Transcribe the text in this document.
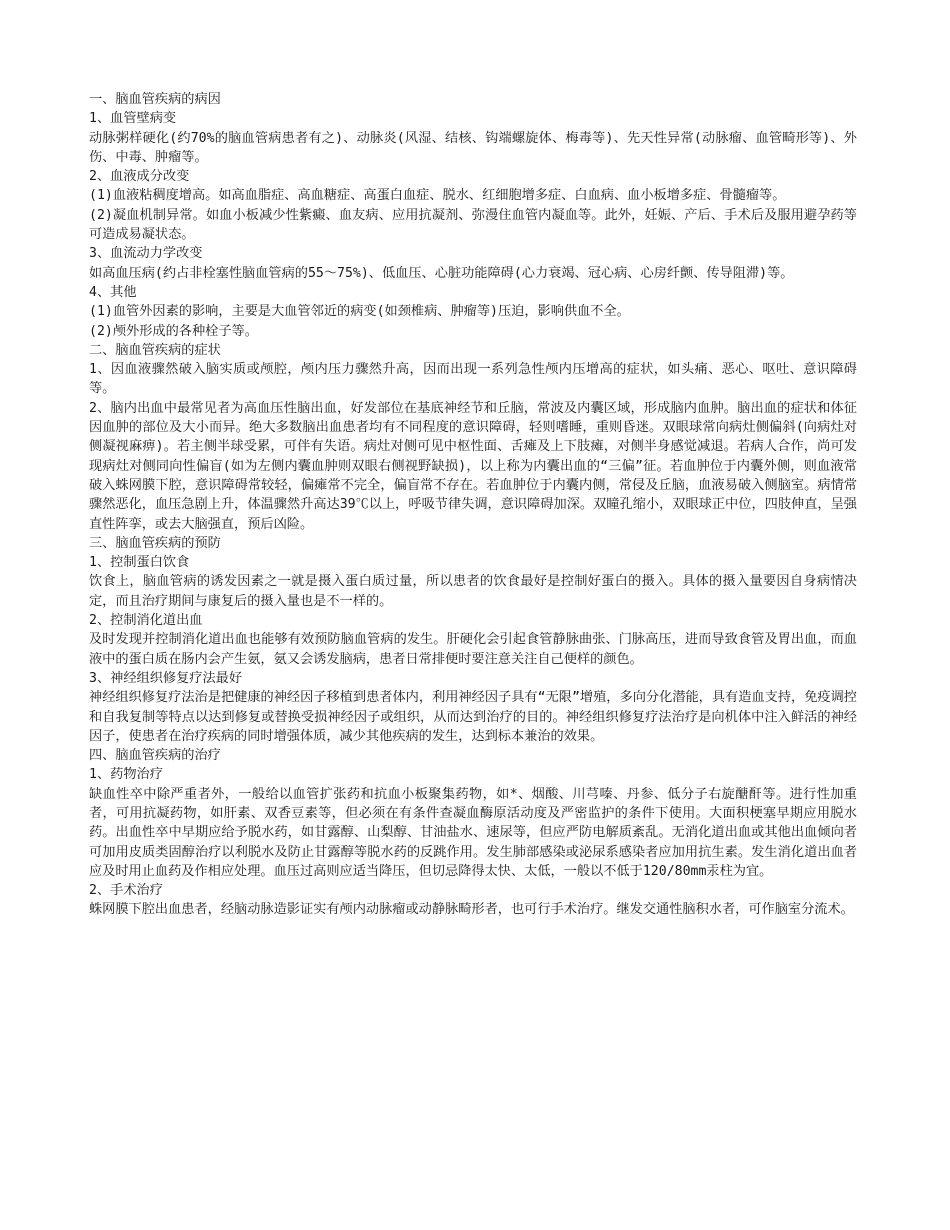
一、脑血管疾病的病因

1、血管壁病变

动脉粥样硬化(约70%的脑血管病患者有之)、动脉炎(风湿、结核、钩端螺旋体、梅毒等)、先天性异常(动脉瘤、血管畸形等)、外伤、中毒、肿瘤等。

2、血液成分改变

(1)血液粘稠度增高。如高血脂症、高血糖症、高蛋白血症、脱水、红细胞增多症、白血病、血小板增多症、骨髓瘤等。

(2)凝血机制异常。如血小板减少性紫癜、血友病、应用抗凝剂、弥漫住血管内凝血等。此外，妊娠、产后、手术后及服用避孕药等可造成易凝状态。

3、血流动力学改变

如高血压病(约占非栓塞性脑血管病的55～75%)、低血压、心脏功能障碍(心力衰竭、冠心病、心房纤颤、传导阻滞)等。

4、其他

(1)血管外因素的影响，主要是大血管邻近的病变(如颈椎病、肿瘤等)压迫，影响供血不全。

(2)颅外形成的各种栓子等。

二、脑血管疾病的症状

1、因血液骤然破入脑实质或颅腔，颅内压力骤然升高，因而出现一系列急性颅内压增高的症状，如头痛、恶心、呕吐、意识障碍等。

2、脑内出血中最常见者为高血压性脑出血，好发部位在基底神经节和丘脑，常波及内囊区域，形成脑内血肿。脑出血的症状和体征因血肿的部位及大小而异。绝大多数脑出血患者均有不同程度的意识障碍，轻则嗜睡，重则昏迷。双眼球常向病灶侧偏斜(向病灶对侧凝视麻痹)。若主侧半球受累，可伴有失语。病灶对侧可见中枢性面、舌瘫及上下肢瘫，对侧半身感觉减退。若病人合作，尚可发现病灶对侧同向性偏盲(如为左侧内囊血肿则双眼右侧视野缺损)，以上称为内囊出血的“三偏”征。若血肿位于内囊外侧，则血液常破入蛛网膜下腔，意识障碍常较轻，偏瘫常不完全，偏盲常不存在。若血肿位于内囊内侧，常侵及丘脑，血液易破入侧脑室。病情常骤然恶化，血压急剧上升，体温骤然升高达39℃以上，呼吸节律失调，意识障碍加深。双瞳孔缩小，双眼球正中位，四肢伸直，呈强直性阵挛，或去大脑强直，预后凶险。

三、脑血管疾病的预防

1、控制蛋白饮食

饮食上，脑血管病的诱发因素之一就是摄入蛋白质过量，所以患者的饮食最好是控制好蛋白的摄入。具体的摄入量要因自身病情决定，而且治疗期间与康复后的摄入量也是不一样的。

2、控制消化道出血

及时发现并控制消化道出血也能够有效预防脑血管病的发生。肝硬化会引起食管静脉曲张、门脉高压，进而导致食管及胃出血，而血液中的蛋白质在肠内会产生氨，氨又会诱发脑病，患者日常排便时要注意关注自己便样的颜色。

3、神经组织修复疗法最好

神经组织修复疗法治是把健康的神经因子移植到患者体内，利用神经因子具有“无限”增殖，多向分化潜能，具有造血支持，免疫调控和自我复制等特点以达到修复或替换受损神经因子或组织，从而达到治疗的目的。神经组织修复疗法治疗是向机体中注入鲜活的神经因子，使患者在治疗疾病的同时增强体质，减少其他疾病的发生，达到标本兼治的效果。

四、脑血管疾病的治疗

1、药物治疗

缺血性卒中除严重者外，一般给以血管扩张药和抗血小板聚集药物，如*、烟酸、川芎嗪、丹参、低分子右旋醣酐等。进行性加重者，可用抗凝药物，如肝素、双香豆素等，但必须在有条件查凝血酶原活动度及严密监护的条件下使用。大面积梗塞早期应用脱水药。出血性卒中早期应给予脱水药，如甘露醇、山梨醇、甘油盐水、速尿等，但应严防电解质紊乱。无消化道出血或其他出血倾向者可加用皮质类固醇治疗以利脱水及防止甘露醇等脱水药的反跳作用。发生肺部感染或泌尿系感染者应加用抗生素。发生消化道出血者应及时用止血药及作相应处理。血压过高则应适当降压，但切忌降得太快、太低，一般以不低于120/80mm汞柱为宜。

2、手术治疗

蛛网膜下腔出血患者，经脑动脉造影证实有颅内动脉瘤或动静脉畸形者，也可行手术治疗。继发交通性脑积水者，可作脑室分流术。
